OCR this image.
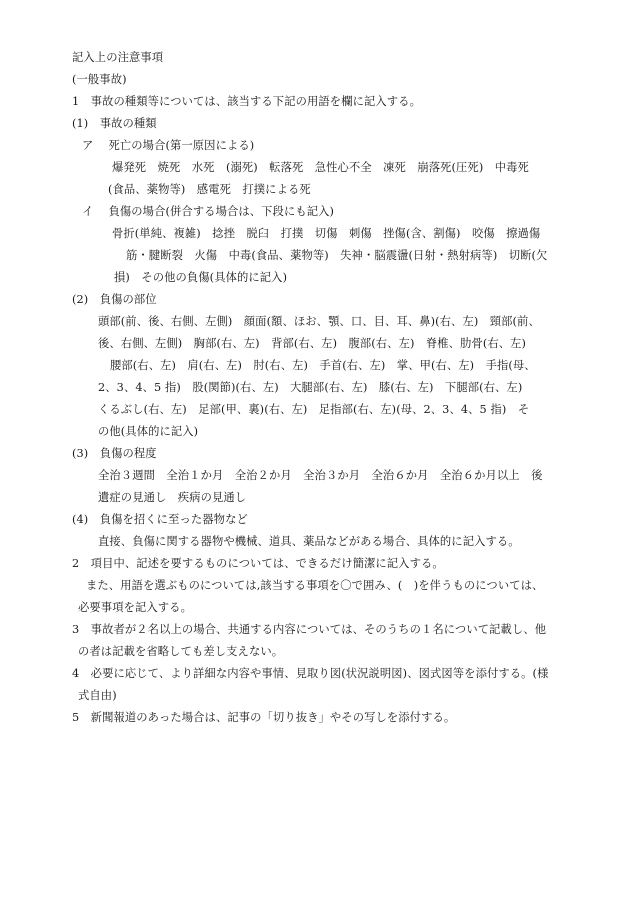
記入上の注意事項
(一般事故)
1　事故の種類等については、該当する下記の用語を欄に記入する。
(1)　事故の種類
ア　 死亡の場合(第一原因による)
爆発死　焼死　水死　(溺死)　転落死　急性心不全　凍死　崩落死(圧死)　中毒死
(食品、薬物等)　感電死　打撲による死
イ　 負傷の場合(併合する場合は、下段にも記入)
骨折(単純、複雑)　捻挫　脱臼　打撲　切傷　刺傷　挫傷(含、割傷)　咬傷　擦過傷
筋・腱断裂　火傷　中毒(食品、薬物等)　失神・脳震盪(日射・熱射病等)　切断(欠
損)　その他の負傷(具体的に記入)
(2)　負傷の部位
頭部(前、後、右側、左側)　顔面(額、ほお、顎、口、目、耳、鼻)(右、左)　頸部(前、
後、右側、左側)　胸部(右、左)　背部(右、左)　腹部(右、左)　脊椎、肋骨(右、左)
腰部(右、左)　肩(右、左)　肘(右、左)　手首(右、左)　掌、甲(右、左)　手指(母、
2、3、4、5 指)　股(関節)(右、左)　大腿部(右、左)　膝(右、左)　下腿部(右、左)
くるぶし(右、左)　足部(甲、裏)(右、左)　足指部(右、左)(母、2、3、4、5 指)　そ
の他(具体的に記入)
(3)　負傷の程度
全治３週間　全治１か月　全治２か月　全治３か月　全治６か月　全治６か月以上　後
遺症の見通し　疾病の見通し
(4)　負傷を招くに至った器物など
直接、負傷に関する器物や機械、道具、薬品などがある場合、具体的に記入する。
2　項目中、記述を要するものについては、できるだけ簡潔に記入する。
また、用語を選ぶものについては,該当する事項を〇で囲み、(　)を伴うものについては、
必要事項を記入する。
3　事故者が２名以上の場合、共通する内容については、そのうちの１名について記載し、他
の者は記載を省略しても差し支えない。
4　必要に応じて、より詳細な内容や事情、見取り図(状況説明図)、図式図等を添付する。(様
式自由)
5　新聞報道のあった場合は、記事の「切り抜き」やその写しを添付する。
